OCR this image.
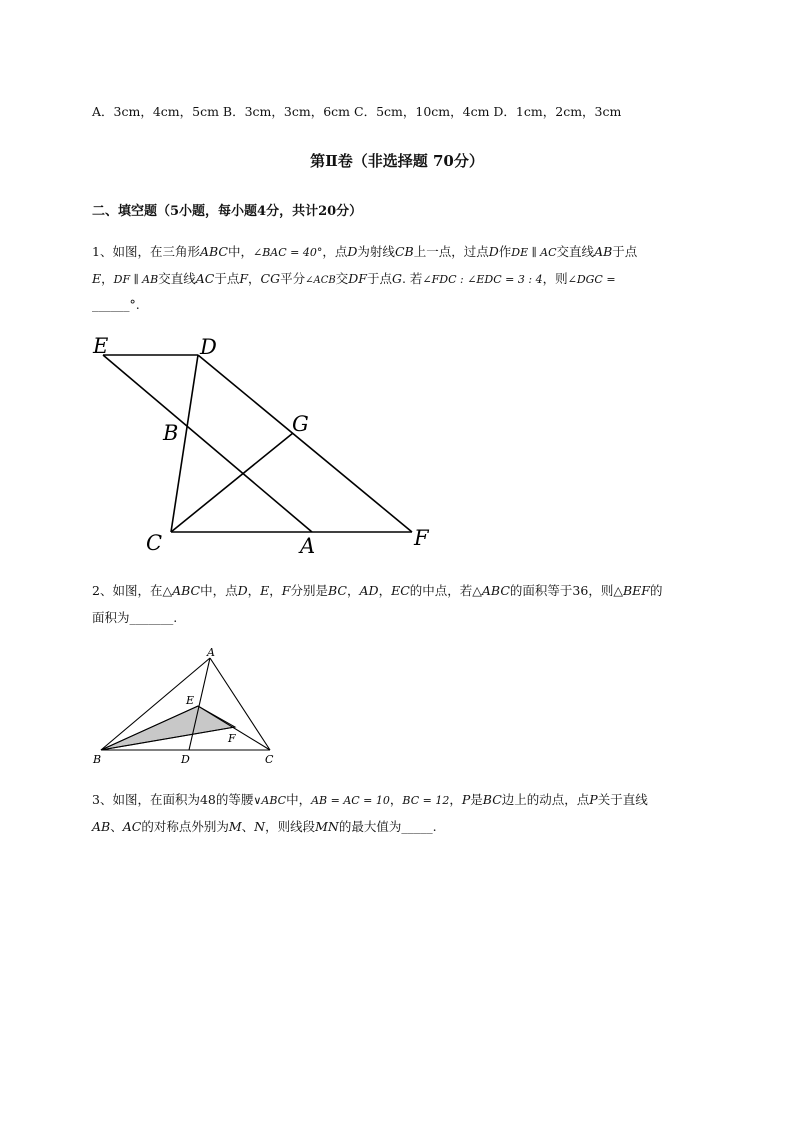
A．3cm，4cm，5cm B．3cm，3cm，6cm C．5cm，10cm，4cm D．1cm，2cm，3cm
第Ⅱ卷（非选择题 70分）
二、填空题（5小题，每小题4分，共计20分）
1、如图，在三角形ABC中，∠BAC = 40°，点D为射线CB上一点，过点D作DE ∥ AC交直线AB于点
E，DF ∥ AB交直线AC于点F，CG平分∠ACB交DF于点G. 若∠FDC : ∠EDC = 3 : 4，则∠DGC =
______°.
E	D
B	G
C	A	F
A
E
F
B	D	C
2、如图，在△ABC中，点D，E，F分别是BC，AD，EC的中点，若△ABC的面积等于36，则△BEF的
面积为_______.
3、如图，在面积为48的等腰∨ABC中，AB = AC = 10，BC = 12，P是BC边上的动点，点P关于直线
AB、AC的对称点外别为M、N，则线段MN的最大值为_____.
